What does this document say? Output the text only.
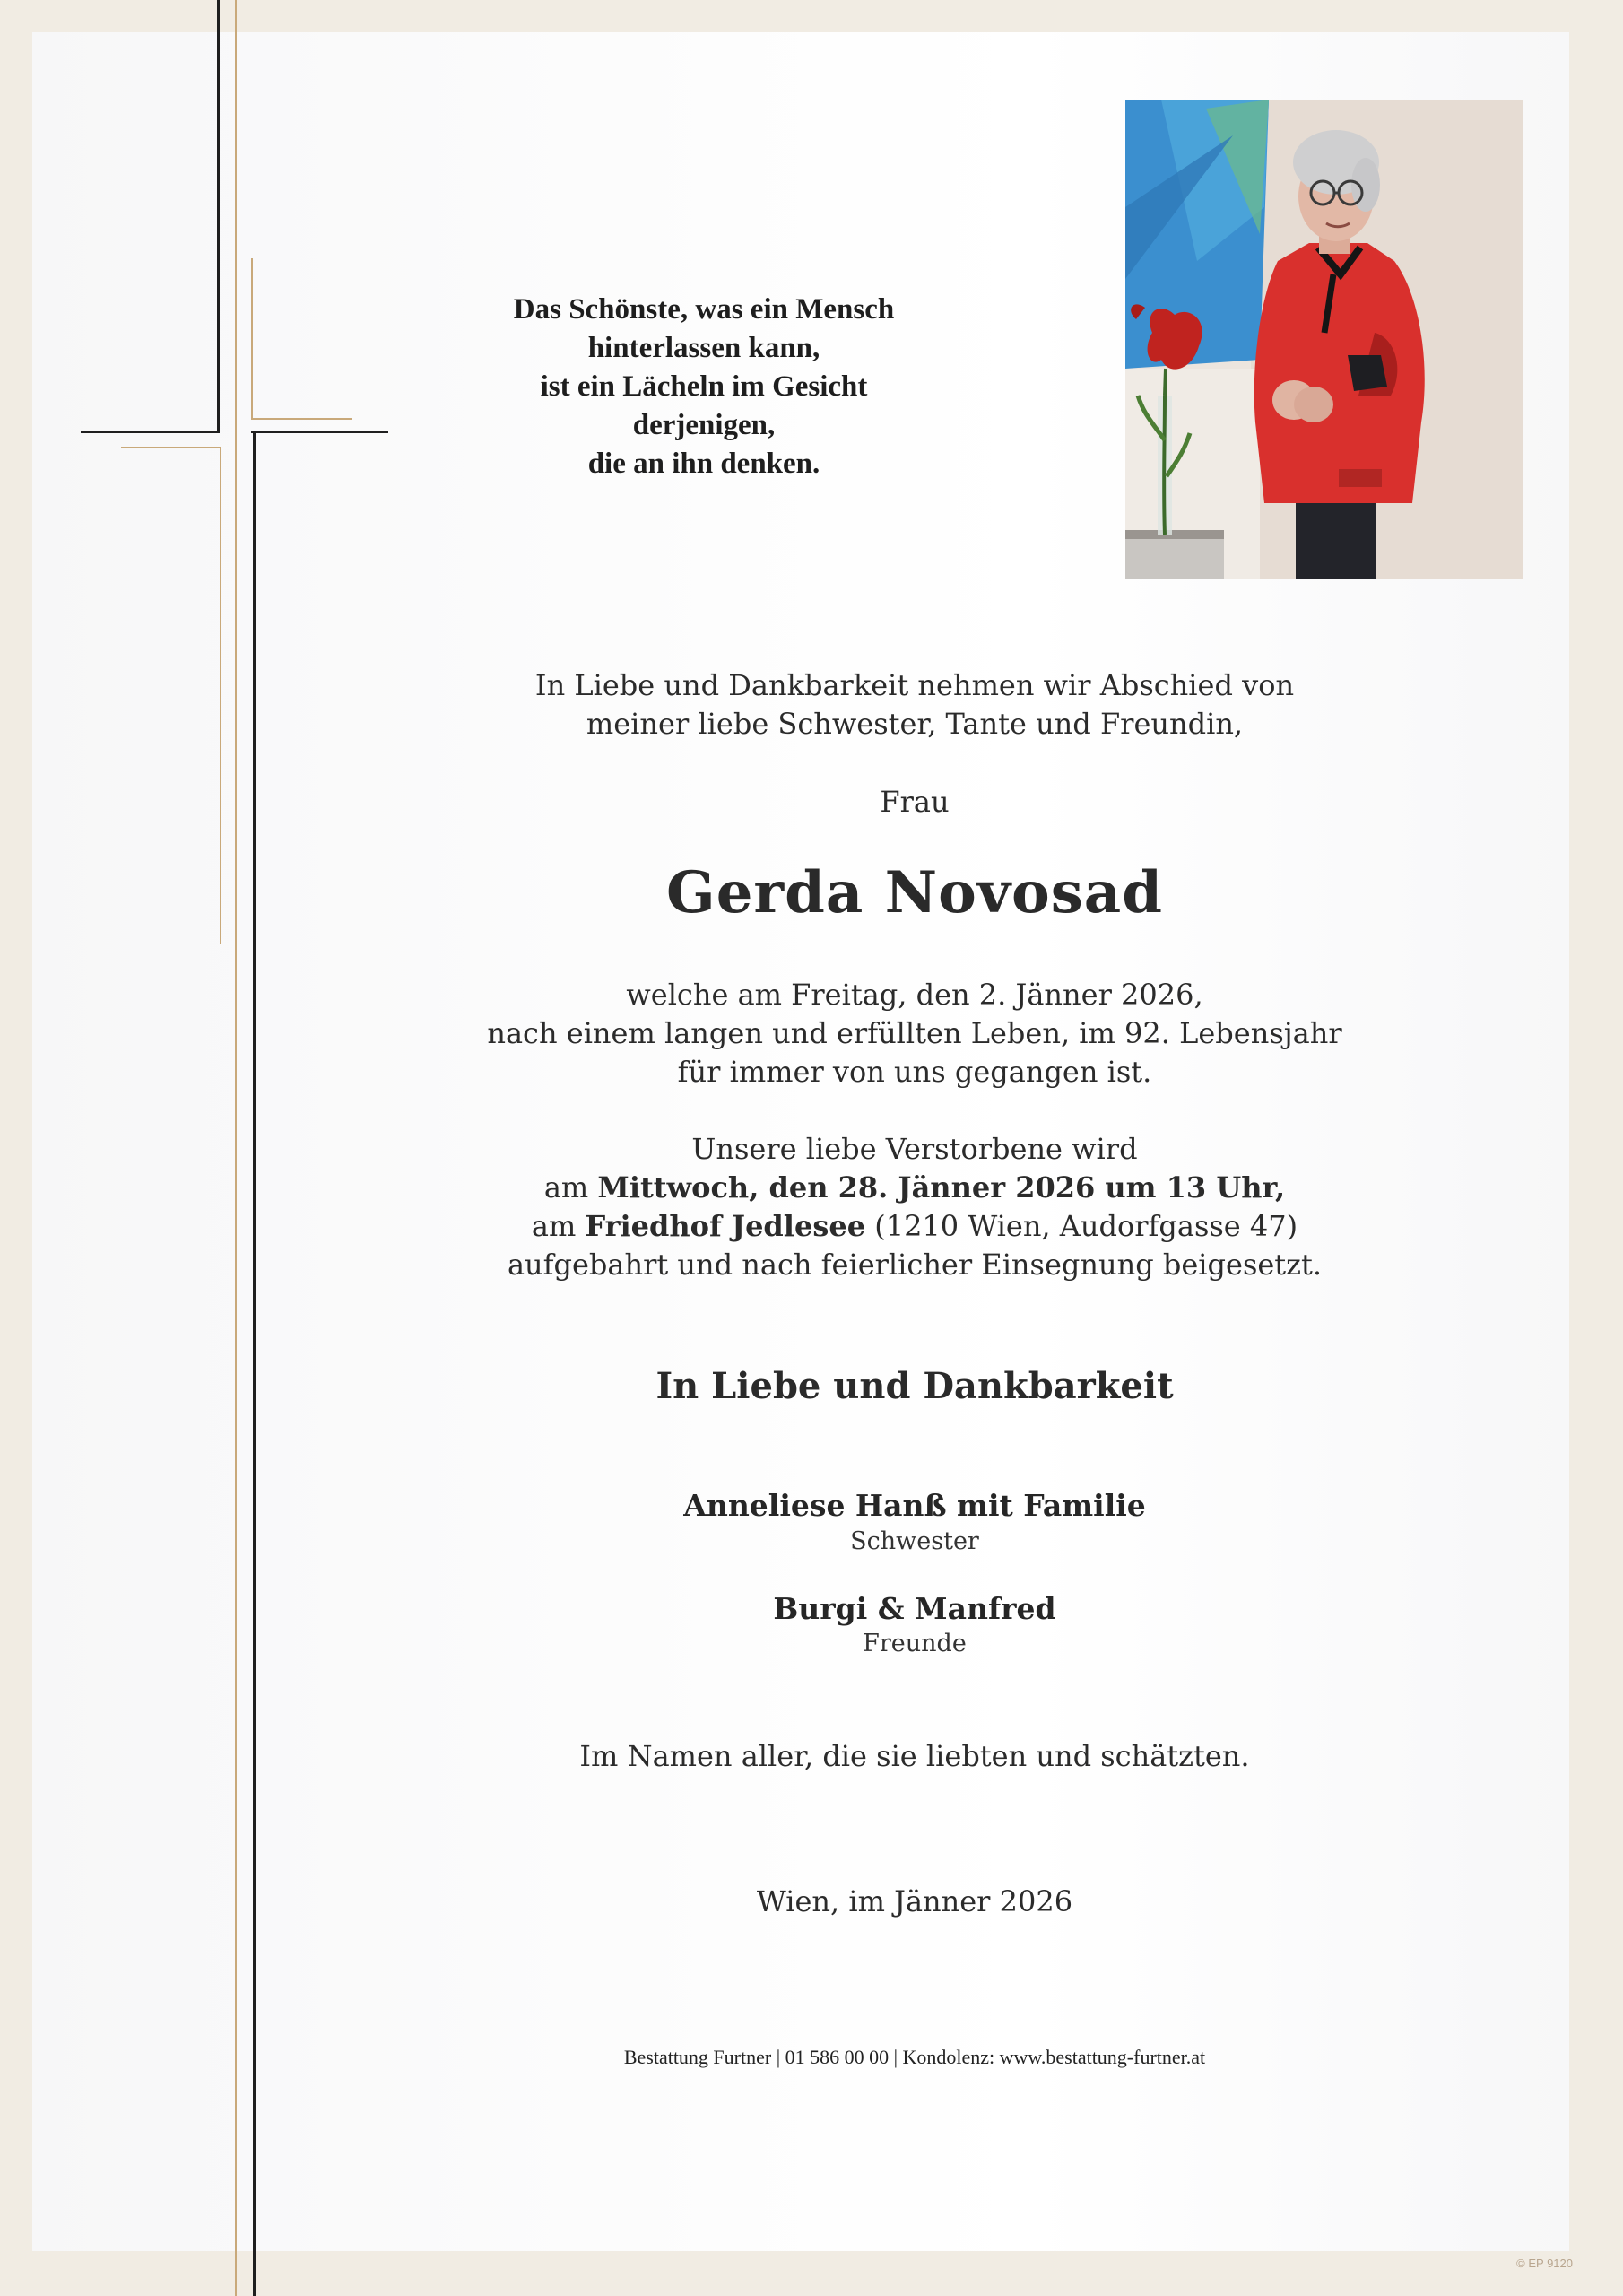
Das Schönste, was ein Mensch
hinterlassen kann,
ist ein Lächeln im Gesicht
derjenigen,
die an ihn denken.

In Liebe und Dankbarkeit nehmen wir Abschied von

meiner liebe Schwester, Tante und Freundin,

Frau

Gerda Novosad

welche am Freitag, den 2. Jänner 2026,

nach einem langen und erfüllten Leben, im 92. Lebensjahr

für immer von uns gegangen ist.

Unsere liebe Verstorbene wird

am Mittwoch, den 28. Jänner 2026 um 13 Uhr,

am Friedhof Jedlesee (1210 Wien, Audorfgasse 47)

aufgebahrt und nach feierlicher Einsegnung beigesetzt.

In Liebe und Dankbarkeit

Anneliese Hanß mit Familie

Schwester

Burgi & Manfred

Freunde

Im Namen aller, die sie liebten und schätzten.

Wien, im Jänner 2026

Bestattung Furtner | 01 586 00 00 | Kondolenz: www.bestattung-furtner.at
© EP 9120
